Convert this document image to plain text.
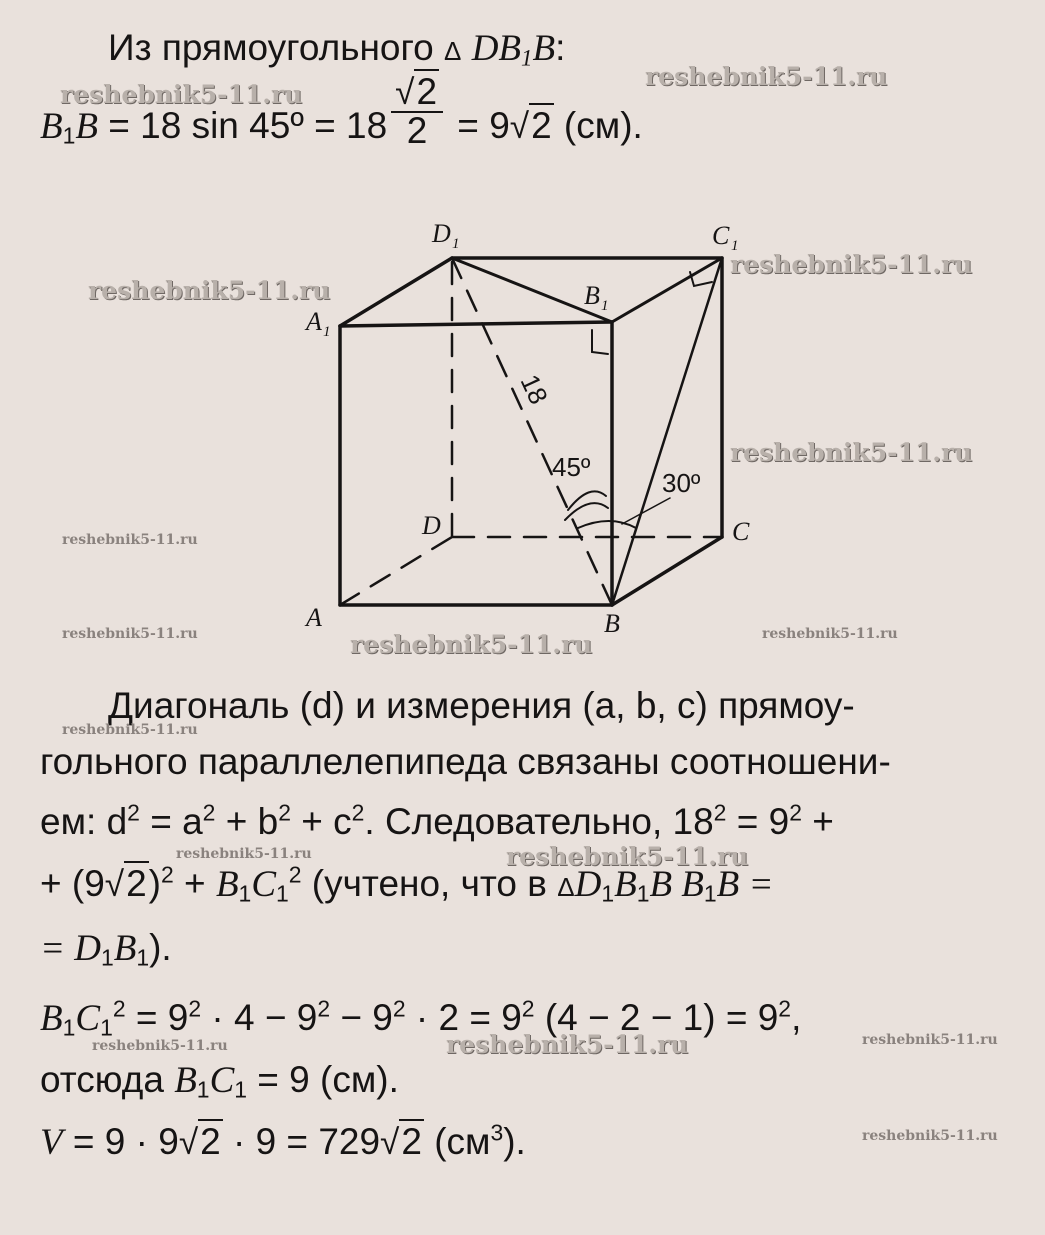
Из прямоугольного Δ $DB_1B$:
$B_1B = 18$ sin 45º = $18 \frac{√2}{2} = 9√2$ (см).
A	B
C
D
A 1
B 1
C 1
D 1
18
45º
30º
Диагональ (d) и измерения (a, b, c) прямоу-
гольного параллелепипеда связаны соотношени-
ем: $d^2 = a^2 + b^2 + c^2$. Следовательно, $18^2 = 9^2$ +
+ $(9√2)^2 + B_1C_1^2$ (учтено, что в $\Delta D_1B_1B$ $B_1B$ =
= $D_1B_1$).
$B_1C_1^2 = 9^2 \cdot 4 - 9^2 - 9^2 \cdot 2 = 9^2$ $(4 - 2 - 1) = 9^2$,
отсюда $B_1C_1 = 9$ (см).
V = 9 · 9√2 · 9 = 729√2 $(см^3)$.
reshebnik5-11.ru
reshebnik5-11.ru
reshebnik5-11.ru
reshebnik5-11.ru
reshebnik5-11.ru
reshebnik5-11.ru
reshebnik5-11.ru	reshebnik5-11.ru	reshebnik5-11.ru
reshebnik5-11.ru
reshebnik5-11.ru	reshebnik5-11.ru
reshebnik5-11.ru	reshebnik5-11.ru	reshebnik5-11.ru
reshebnik5-11.ru
